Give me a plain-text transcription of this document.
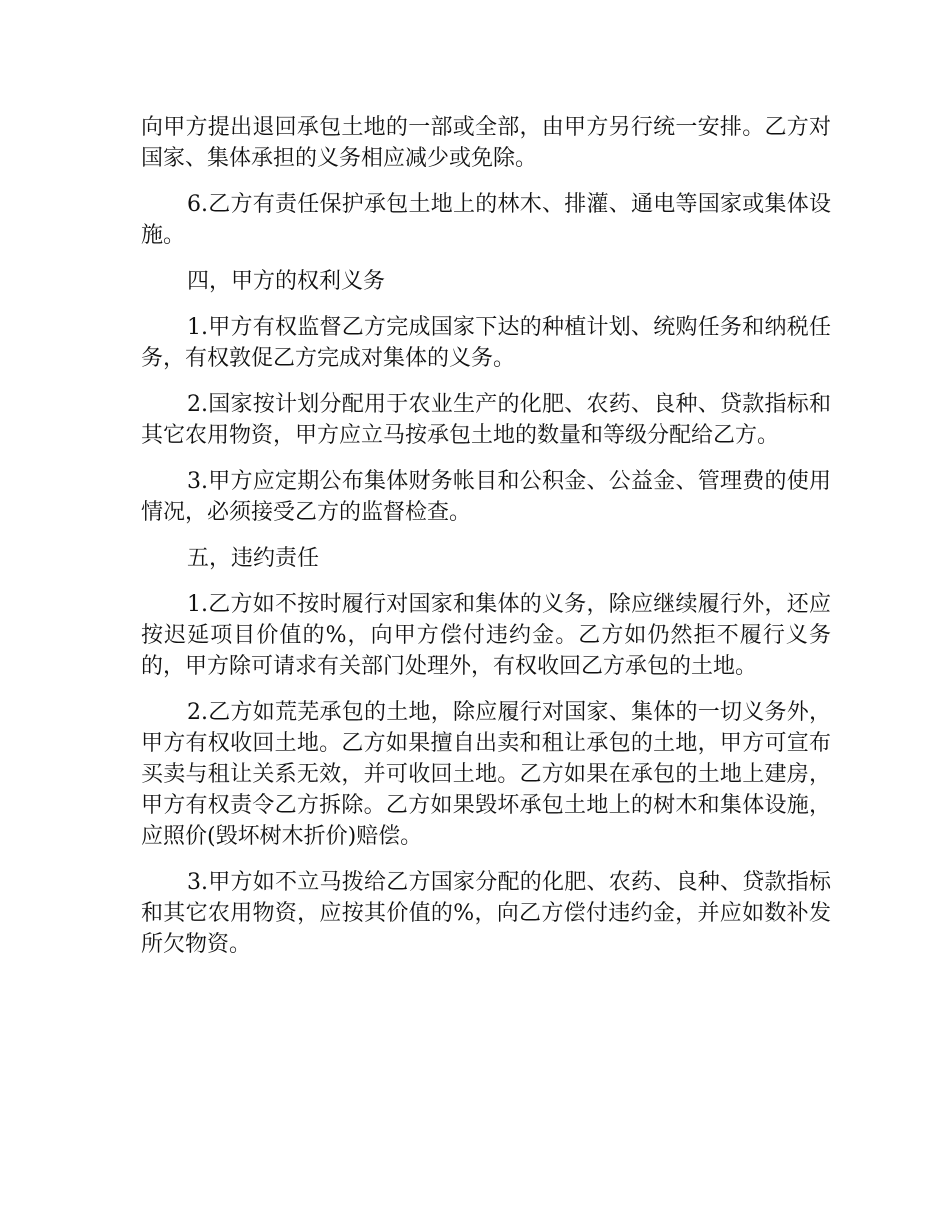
向甲方提出退回承包土地的一部或全部，由甲方另行统一安排。乙方对国家、集体承担的义务相应减少或免除。

6.乙方有责任保护承包土地上的林木、排灌、通电等国家或集体设施。

四，甲方的权利义务

1.甲方有权监督乙方完成国家下达的种植计划、统购任务和纳税任务，有权敦促乙方完成对集体的义务。

2.国家按计划分配用于农业生产的化肥、农药、良种、贷款指标和其它农用物资，甲方应立马按承包土地的数量和等级分配给乙方。

3.甲方应定期公布集体财务帐目和公积金、公益金、管理费的使用情况，必须接受乙方的监督检查。

五，违约责任

1.乙方如不按时履行对国家和集体的义务，除应继续履行外，还应按迟延项目价值的%，向甲方偿付违约金。乙方如仍然拒不履行义务的，甲方除可请求有关部门处理外，有权收回乙方承包的土地。

2.乙方如荒芜承包的土地，除应履行对国家、集体的一切义务外，甲方有权收回土地。乙方如果擅自出卖和租让承包的土地，甲方可宣布买卖与租让关系无效，并可收回土地。乙方如果在承包的土地上建房，甲方有权责令乙方拆除。乙方如果毁坏承包土地上的树木和集体设施，应照价(毁坏树木折价)赔偿。

3.甲方如不立马拨给乙方国家分配的化肥、农药、良种、贷款指标和其它农用物资，应按其价值的%，向乙方偿付违约金，并应如数补发所欠物资。
